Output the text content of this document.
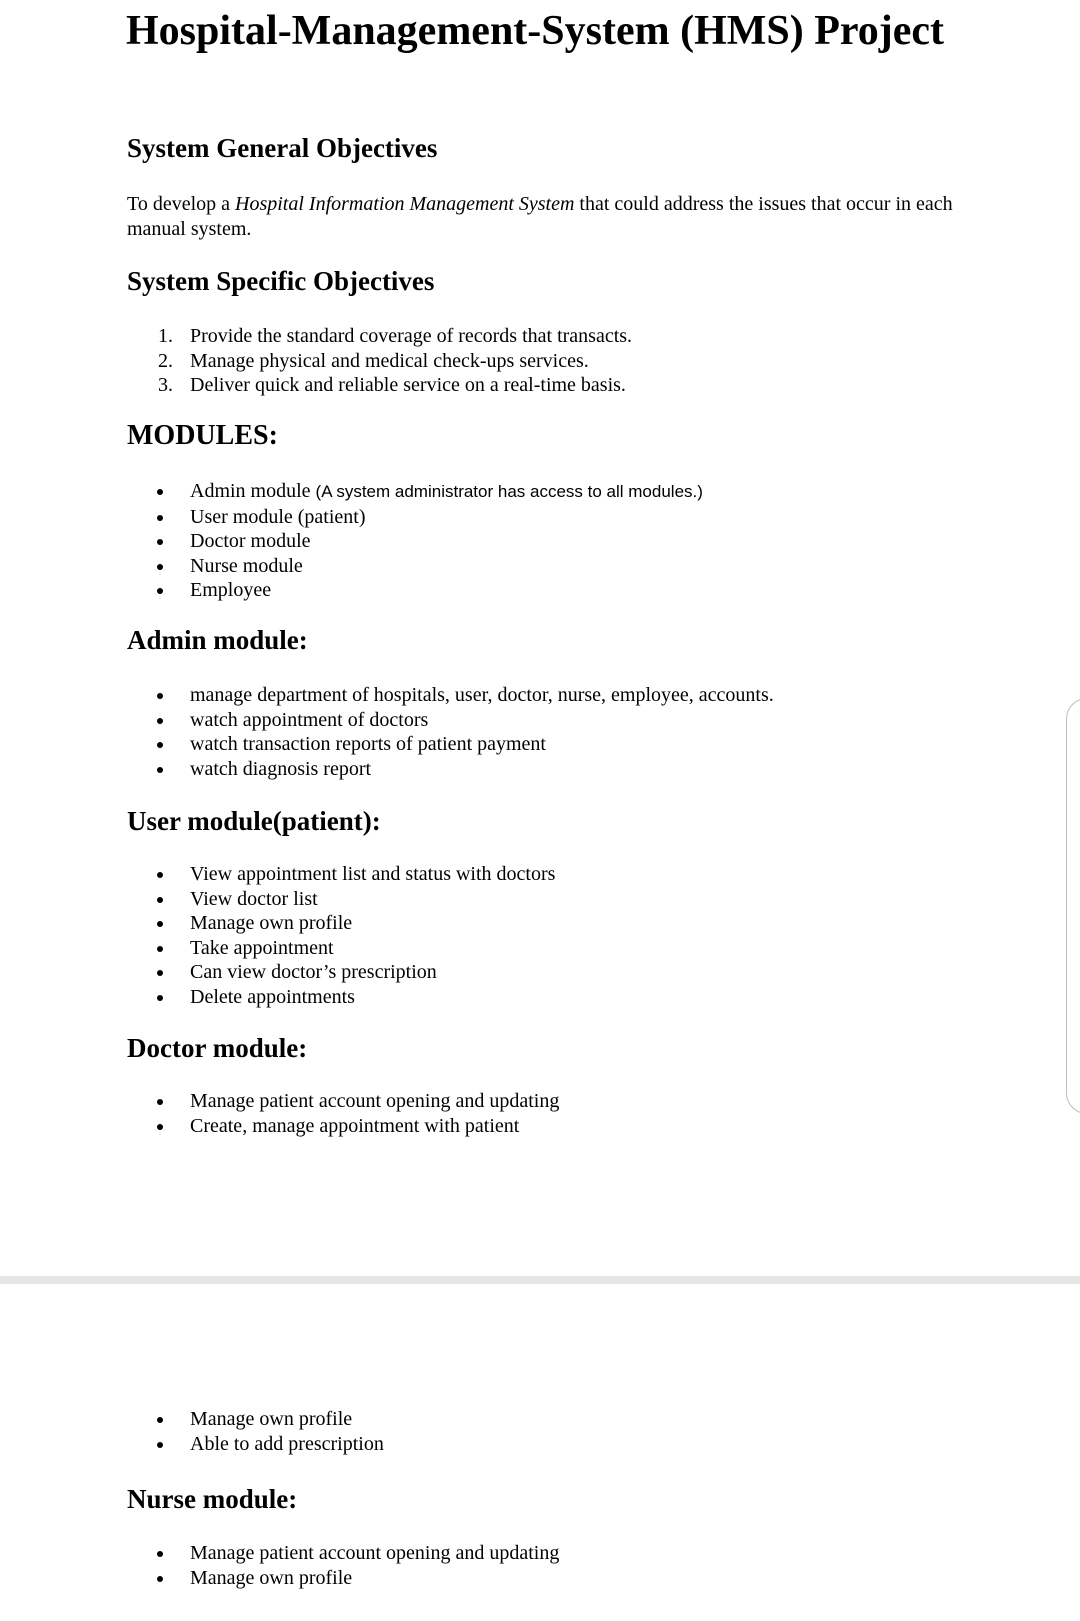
Hospital-Management-System (HMS) Project
System General Objectives

To develop a Hospital Information Management System that could address the issues that occur in each manual system.

System Specific Objectives
1. Provide the standard coverage of records that transacts.
2. Manage physical and medical check-ups services.
3. Deliver quick and reliable service on a real-time basis.
MODULES:
Admin module (A system administrator has access to all modules.)
User module (patient)
Doctor module
Nurse module
Employee
Admin module:
manage department of hospitals, user, doctor, nurse, employee, accounts.
watch appointment of doctors
watch transaction reports of patient payment
watch diagnosis report
User module(patient):
View appointment list and status with doctors
View doctor list
Manage own profile
Take appointment
Can view doctor’s prescription
Delete appointments
Doctor module:
Manage patient account opening and updating
Create, manage appointment with patient
Manage own profile
Able to add prescription
Nurse module:
Manage patient account opening and updating
Manage own profile
